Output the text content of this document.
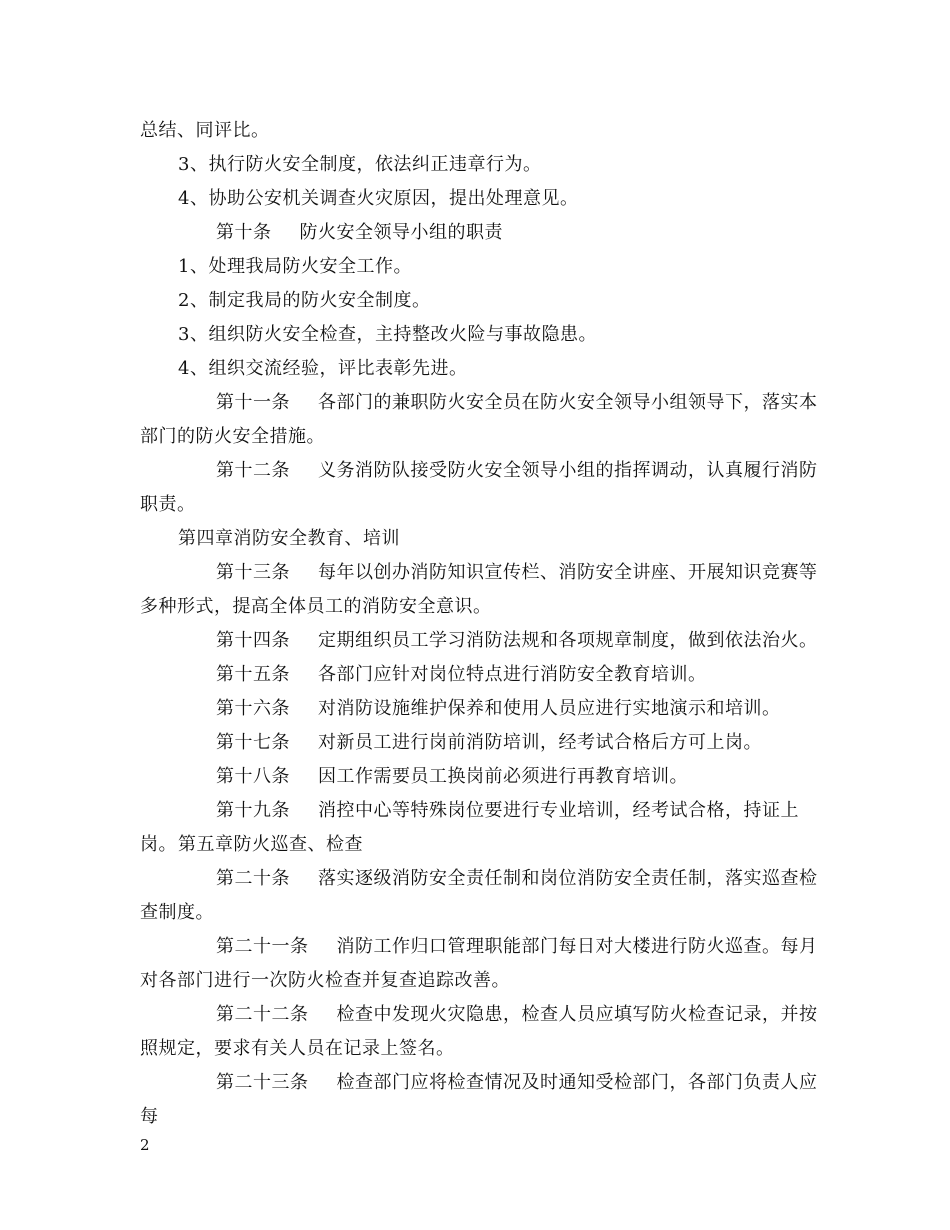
总结、同评比。

3、执行防火安全制度，依法纠正违章行为。

4、协助公安机关调查火灾原因，提出处理意见。

第十条 防火安全领导小组的职责

1、处理我局防火安全工作。

2、制定我局的防火安全制度。

3、组织防火安全检查，主持整改火险与事故隐患。

4、组织交流经验，评比表彰先进。

第十一条 各部门的兼职防火安全员在防火安全领导小组领导下，落实本部门的防火安全措施。

第十二条 义务消防队接受防火安全领导小组的指挥调动，认真履行消防职责。

第四章消防安全教育、培训

第十三条 每年以创办消防知识宣传栏、消防安全讲座、开展知识竞赛等多种形式，提高全体员工的消防安全意识。

第十四条 定期组织员工学习消防法规和各项规章制度，做到依法治火。

第十五条 各部门应针对岗位特点进行消防安全教育培训。

第十六条 对消防设施维护保养和使用人员应进行实地演示和培训。

第十七条 对新员工进行岗前消防培训，经考试合格后方可上岗。

第十八条 因工作需要员工换岗前必须进行再教育培训。

第十九条 消控中心等特殊岗位要进行专业培训，经考试合格，持证上岗。 第五章防火巡查、检查

第二十条 落实逐级消防安全责任制和岗位消防安全责任制，落实巡查检查制度。

第二十一条 消防工作归口管理职能部门每日对大楼进行防火巡查。每月对各部门进行一次防火检查并复查追踪改善。

第二十二条 检查中发现火灾隐患，检查人员应填写防火检查记录，并按照规定，要求有关人员在记录上签名。

第二十三条 检查部门应将检查情况及时通知受检部门，各部门负责人应每

2
